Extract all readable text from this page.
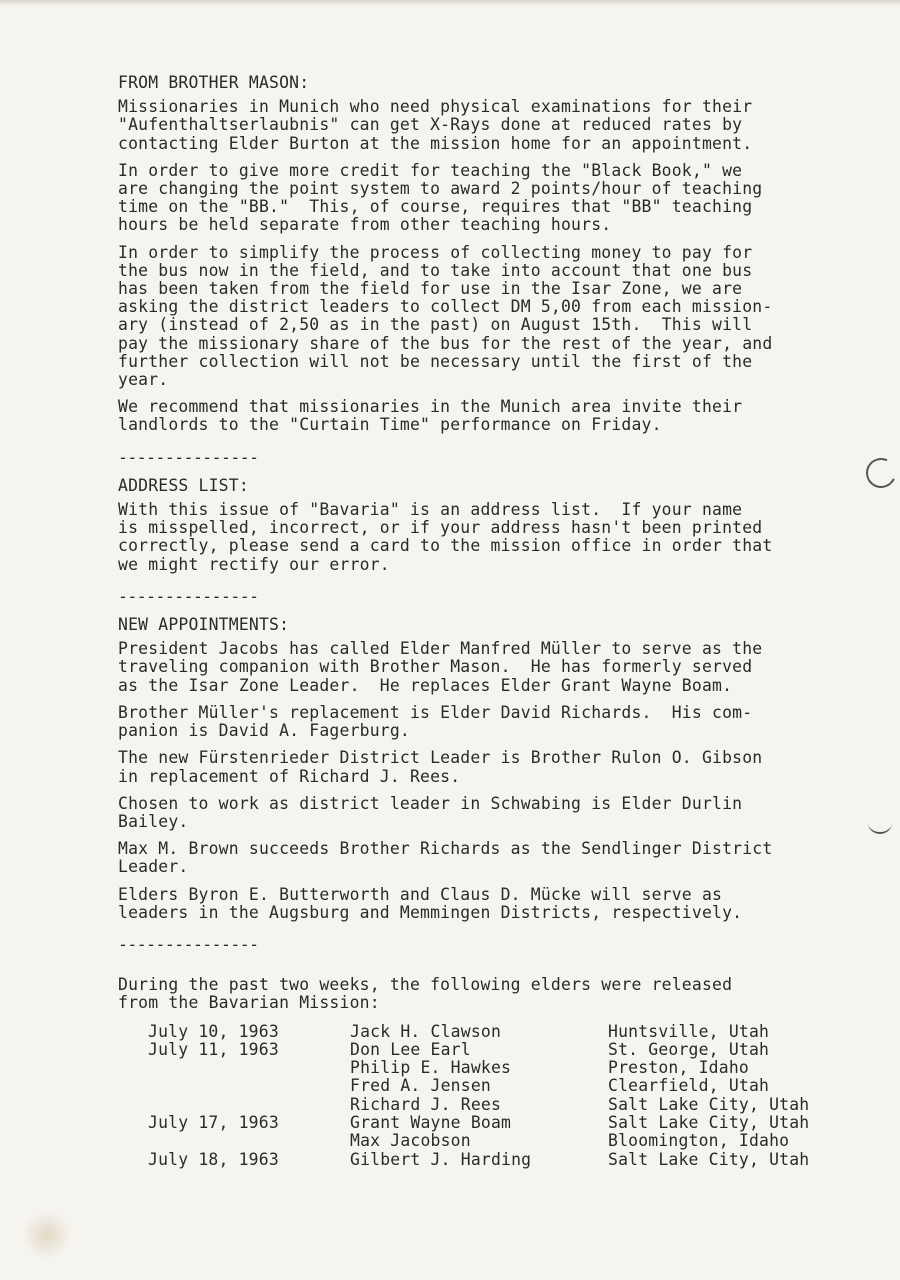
FROM BROTHER MASON:
Missionaries in Munich who need physical examinations for their
"Aufenthaltserlaubnis" can get X-Rays done at reduced rates by
contacting Elder Burton at the mission home for an appointment.
In order to give more credit for teaching the "Black Book," we
are changing the point system to award 2 points/hour of teaching
time on the "BB."  This, of course, requires that "BB" teaching
hours be held separate from other teaching hours.
In order to simplify the process of collecting money to pay for
the bus now in the field, and to take into account that one bus
has been taken from the field for use in the Isar Zone, we are
asking the district leaders to collect DM 5,00 from each mission-
ary (instead of 2,50 as in the past) on August 15th.  This will
pay the missionary share of the bus for the rest of the year, and
further collection will not be necessary until the first of the
year.
We recommend that missionaries in the Munich area invite their
landlords to the "Curtain Time" performance on Friday.
---------------
ADDRESS LIST:
With this issue of "Bavaria" is an address list.  If your name
is misspelled, incorrect, or if your address hasn't been printed
correctly, please send a card to the mission office in order that
we might rectify our error.
---------------
NEW APPOINTMENTS:
President Jacobs has called Elder Manfred Müller to serve as the
traveling companion with Brother Mason.  He has formerly served
as the Isar Zone Leader.  He replaces Elder Grant Wayne Boam.
Brother Müller's replacement is Elder David Richards.  His com-
panion is David A. Fagerburg.
The new Fürstenrieder District Leader is Brother Rulon O. Gibson
in replacement of Richard J. Rees.
Chosen to work as district leader in Schwabing is Elder Durlin
Bailey.
Max M. Brown succeeds Brother Richards as the Sendlinger District
Leader.
Elders Byron E. Butterworth and Claus D. Mücke will serve as
leaders in the Augsburg and Memmingen Districts, respectively.
---------------
During the past two weeks, the following elders were released
from the Bavarian Mission:
July 10, 1963	Jack H. Clawson	Huntsville, Utah
July 11, 1963	Don Lee Earl	St. George, Utah
Philip E. Hawkes	Preston, Idaho
Fred A. Jensen	Clearfield, Utah
Richard J. Rees	Salt Lake City, Utah
July 17, 1963	Grant Wayne Boam	Salt Lake City, Utah
Max Jacobson	Bloomington, Idaho
July 18, 1963	Gilbert J. Harding	Salt Lake City, Utah
